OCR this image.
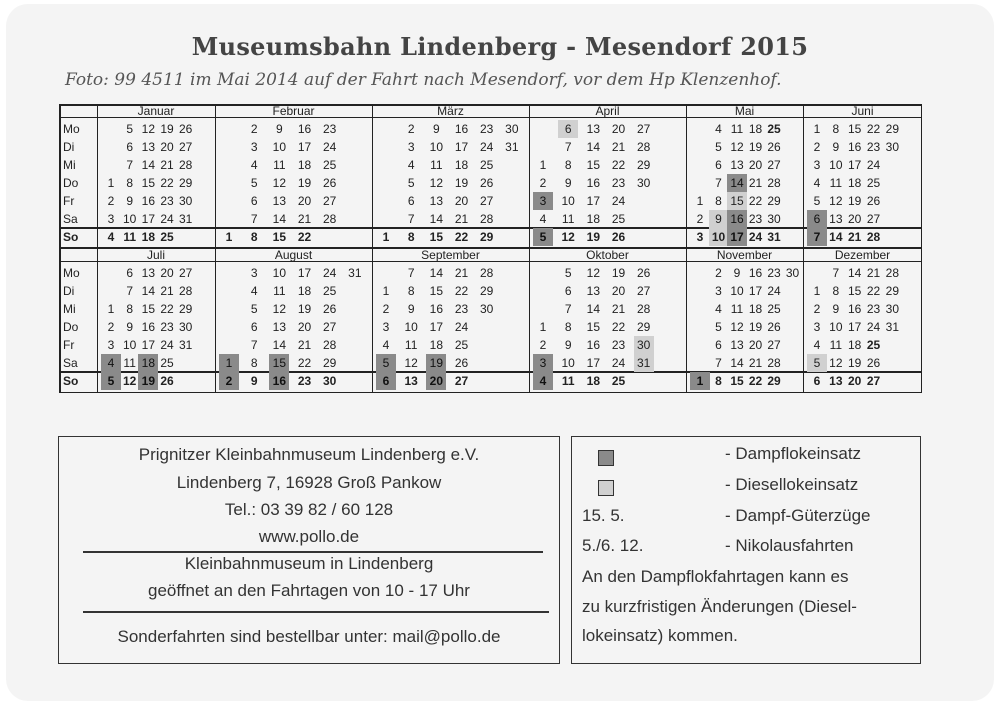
Museumsbahn Lindenberg - Mesendorf 2015
Foto: 99 4511 im Mai 2014 auf der Fahrt nach Mesendorf, vor dem Hp Klenzenhof.
Januar
1
2
3
4
5
6
7
8
9
10
11
12
13
14
15
16
17
18
19
20
21
22
23
24
25
26
27
28
29
30
31
Februar
1
2
3
4
5
6
7
8
9
10
11
12
13
14
15
16
17
18
19
20
21
22
23
24
25
26
27
28
März
1
2
3
4
5
6
7
8
9
10
11
12
13
14
15
16
17
18
19
20
21
22
23
24
25
26
27
28
29
30
31
April
1
2
3
4
5
6
7
8
9
10
11
12
13
14
15
16
17
18
19
20
21
22
23
24
25
26
27
28
29
30
Mai
1
2
3
4
5
6
7
8
9
10
11
12
13
14
15
16
17
18
19
20
21
22
23
24
25
26
27
28
29
30
31
Juni
1
2
3
4
5
6
7
8
9
10
11
12
13
14
15
16
17
18
19
20
21
22
23
24
25
26
27
28
29
30
Juli
1
2
3
4
5
6
7
8
9
10
11
12
13
14
15
16
17
18
19
20
21
22
23
24
25
26
27
28
29
30
31
August
1
2
3
4
5
6
7
8
9
10
11
12
13
14
15
16
17
18
19
20
21
22
23
24
25
26
27
28
29
30
31
September
1
2
3
4
5
6
7
8
9
10
11
12
13
14
15
16
17
18
19
20
21
22
23
24
25
26
27
28
29
30
Oktober
1
2
3
4
5
6
7
8
9
10
11
12
13
14
15
16
17
18
19
20
21
22
23
24
25
26
27
28
29
30
31
November
1
2
3
4
5
6
7
8
9
10
11
12
13
14
15
16
17
18
19
20
21
22
23
24
25
26
27
28
29
30
Dezember
1
2
3
4
5
6
7
8
9
10
11
12
13
14
15
16
17
18
19
20
21
22
23
24
25
26
27
28
29
30
31
Mo
Di
Mi
Do
Fr
Sa
So
Mo
Di
Mi
Do
Fr
Sa
So
Prignitzer Kleinbahnmuseum Lindenberg e.V.
Lindenberg 7, 16928 Groß Pankow
Tel.: 03 39 82 / 60 128
www.pollo.de
Kleinbahnmuseum in Lindenberg
geöffnet an den Fahrtagen von 10 - 17 Uhr
Sonderfahrten sind bestellbar unter: mail@pollo.de
- Dampflokeinsatz
- Diesellokeinsatz
15. 5.	- Dampf-Güterzüge
5./6. 12.	- Nikolausfahrten
An den Dampflokfahrtagen kann es
zu kurzfristigen Änderungen (Diesel-
lokeinsatz) kommen.
